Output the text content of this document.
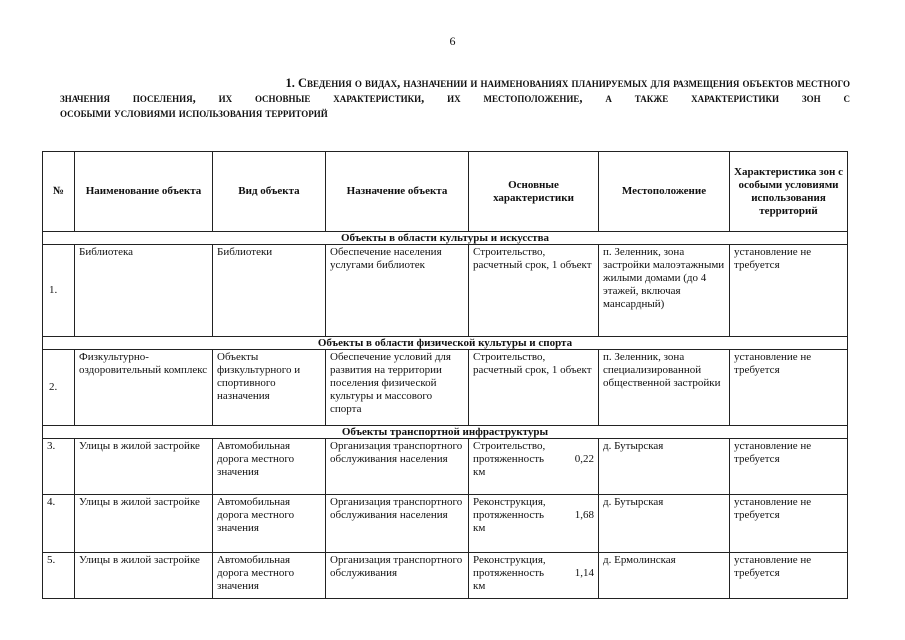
6
1. Сведения о видах, назначении и наименованиях планируемых для размещения объектов местного
значения поселения, их основные характеристики, их местоположение, а также характеристики зон с
особыми условиями использования территорий
№	Наименование объекта	Вид объекта	Назначение объекта	Основные характеристики	Местоположение	Характеристика зон с особыми условиями использования территорий
Объекты в области культуры и искусства						
1.	Библиотека	Библиотеки	Обеспечение населения услугами библиотек	Строительство, расчетный срок, 1 объект	п. Зеленник, зона застройки малоэтажными жилыми домами (до 4 этажей, включая мансардный)	установление не требуется
Объекты в области физической культуры и спорта						
2.	Физкультурно-оздоровительный комплекс	Объекты физкультурного и спортивного назначения	Обеспечение условий для развития на территории поселения физической культуры и массового спорта	Строительство, расчетный срок, 1 объект	п. Зеленник, зона специализированной общественной застройки	установление не требуется
Объекты транспортной инфраструктуры						
3.	Улицы в жилой застройке	Автомобильная дорога местного значения	Организация транспортного обслуживания населения	Строительство,
протяженность 0,22
км	д. Бутырская	установление не требуется
4.	Улицы в жилой застройке	Автомобильная дорога местного значения	Организация транспортного обслуживания населения	Реконструкция,
протяженность 1,68
км	д. Бутырская	установление не требуется
5.	Улицы в жилой застройке	Автомобильная дорога местного значения	Организация транспортного обслуживания	Реконструкция,
протяженность 1,14
км	д. Ермолинская	установление не требуется
